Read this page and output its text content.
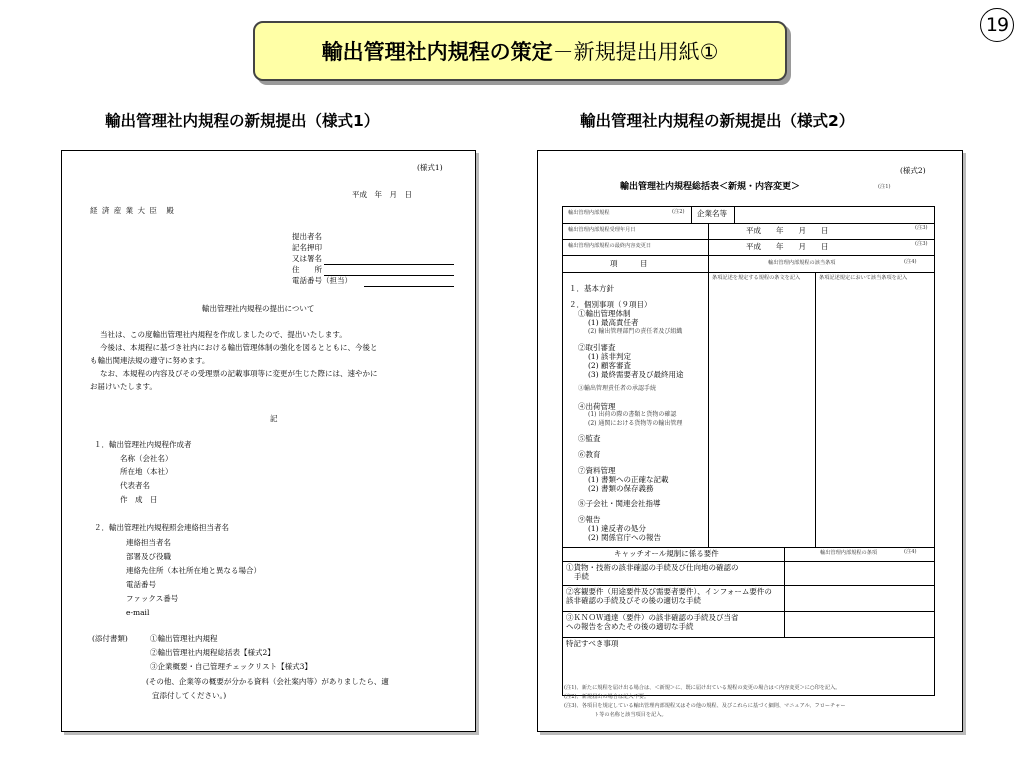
19
輸出管理社内規程の策定 －新規提出用紙①
輸出管理社内規程の新規提出（様式1）	輸出管理社内規程の新規提出（様式2）
(様式1)
平成　年　月　日
経 済 産 業 大 臣　殿
提出者名
記名押印
又は署名
住　　所
電話番号（担当）
輸出管理社内規程の提出について
当社は、この度輸出管理社内規程を作成しましたので、提出いたします。
今後は、本規程に基づき社内における輸出管理体制の強化を図るとともに、今後と
も輸出関連法規の遵守に努めます。
なお、本規程の内容及びその受理票の記載事項等に変更が生じた際には、速やかに
お届けいたします。
記
１．輸出管理社内規程作成者
名称（会社名）
所在地（本社）
代表者名
作　成　日
２．輸出管理社内規程照会連絡担当者名
連絡担当者名
部署及び役職
連絡先住所（本社所在地と異なる場合）
電話番号
ファックス番号
e-mail
(添付書類)	①輸出管理社内規程
②輸出管理社内規程総括表【様式2】
③企業概要・自己管理チェックリスト【様式3】
(その他、企業等の概要が分かる資料（会社案内等）がありましたら、適
宜添付してください。)
(様式2)
輸出管理社内規程総括表＜新規・内容変更＞	(注1)
輸出管理内部規程	(注2) 企業名等
輸出管理内部規程受理年月日	平成　　年　　月　　日	(注3)
輸出管理内部規程の最終内容変更日	平成　　年　　月　　日	(注3)
項　　　目	輸出管理内部規程の該当条項	(注4)
条項記述を規定する規程の条文を記入	条項記述規定において該当条項を記入
１．基本方針
２．個別事項（９項目）
①輸出管理体制
(1) 最高責任者
(2) 輸出管理部門の責任者及び組織
②取引審査
(1) 該非判定
(2) 顧客審査
(3) 最終需要者及び最終用途
③輸出管理責任者の承認手続
④出荷管理
(1) 出荷の際の書類と貨物の確認
(2) 通関における貨物等の輸出管理
⑤監査
⑥教育
⑦資料管理
(1) 書類への正確な記載
(2) 書類の保存義務
⑧子会社・関連会社指導
⑨報告
(1) 違反者の処分
(2) 関係官庁への報告
キャッチオール規制に係る要件	輸出管理内部規程の条項	(注4)
①貨物・技術の該非確認の手続及び仕向地の確認の
手続
②客観要件（用途要件及び需要者要件）、インフォーム要件の
該非確認の手続及びその後の適切な手続
③ＫＮＯＷ通達（要件）の該非確認の手続及び当省
への報告を含めたその後の適切な手続
特記すべき事項
(注1)、新たに規程を届け出る場合は、＜新規＞に、既に届け出ている規程の変更の場合は＜内容変更＞に○印を記入。
(注2)、新規届出の場合は記入不要。
(注3)、各項目を規定している輸出管理内部規程又はその他の規程、及びこれらに基づく細則、マニュアル、フローチャー
ト等の名称と該当項目を記入。
